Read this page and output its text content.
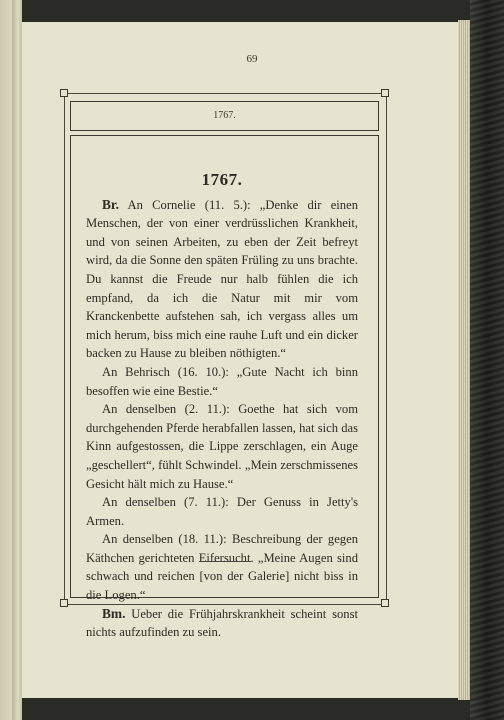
69
1767.
1767.

Br. An Cornelie (11. 5.): „Denke dir einen Menschen, der von einer verdrüsslichen Krankheit, und von seinen Arbeiten, zu eben der Zeit befreyt wird, da die Sonne den späten Früling zu uns brachte. Du kannst die Freude nur halb fühlen die ich empfand, da ich die Natur mit mir vom Kranckenbette aufstehen sah, ich vergass alles um mich herum, biss mich eine rauhe Luft und ein dicker backen zu Hause zu bleiben nöthigten.“

An Behrisch (16. 10.): „Gute Nacht ich binn besoffen wie eine Bestie.“

An denselben (2. 11.): Goethe hat sich vom durchgehenden Pferde herabfallen lassen, hat sich das Kinn aufgestossen, die Lippe zerschlagen, ein Auge „geschellert“, fühlt Schwindel. „Mein zerschmissenes Gesicht hält mich zu Hause.“

An denselben (7. 11.): Der Genuss in Jetty's Armen.

An denselben (18. 11.): Beschreibung der gegen Käthchen gerichteten Eifersucht. „Meine Augen sind schwach und reichen [von der Galerie] nicht biss in die Logen.“

Bm. Ueber die Frühjahrskrankheit scheint sonst nichts aufzufinden zu sein.
